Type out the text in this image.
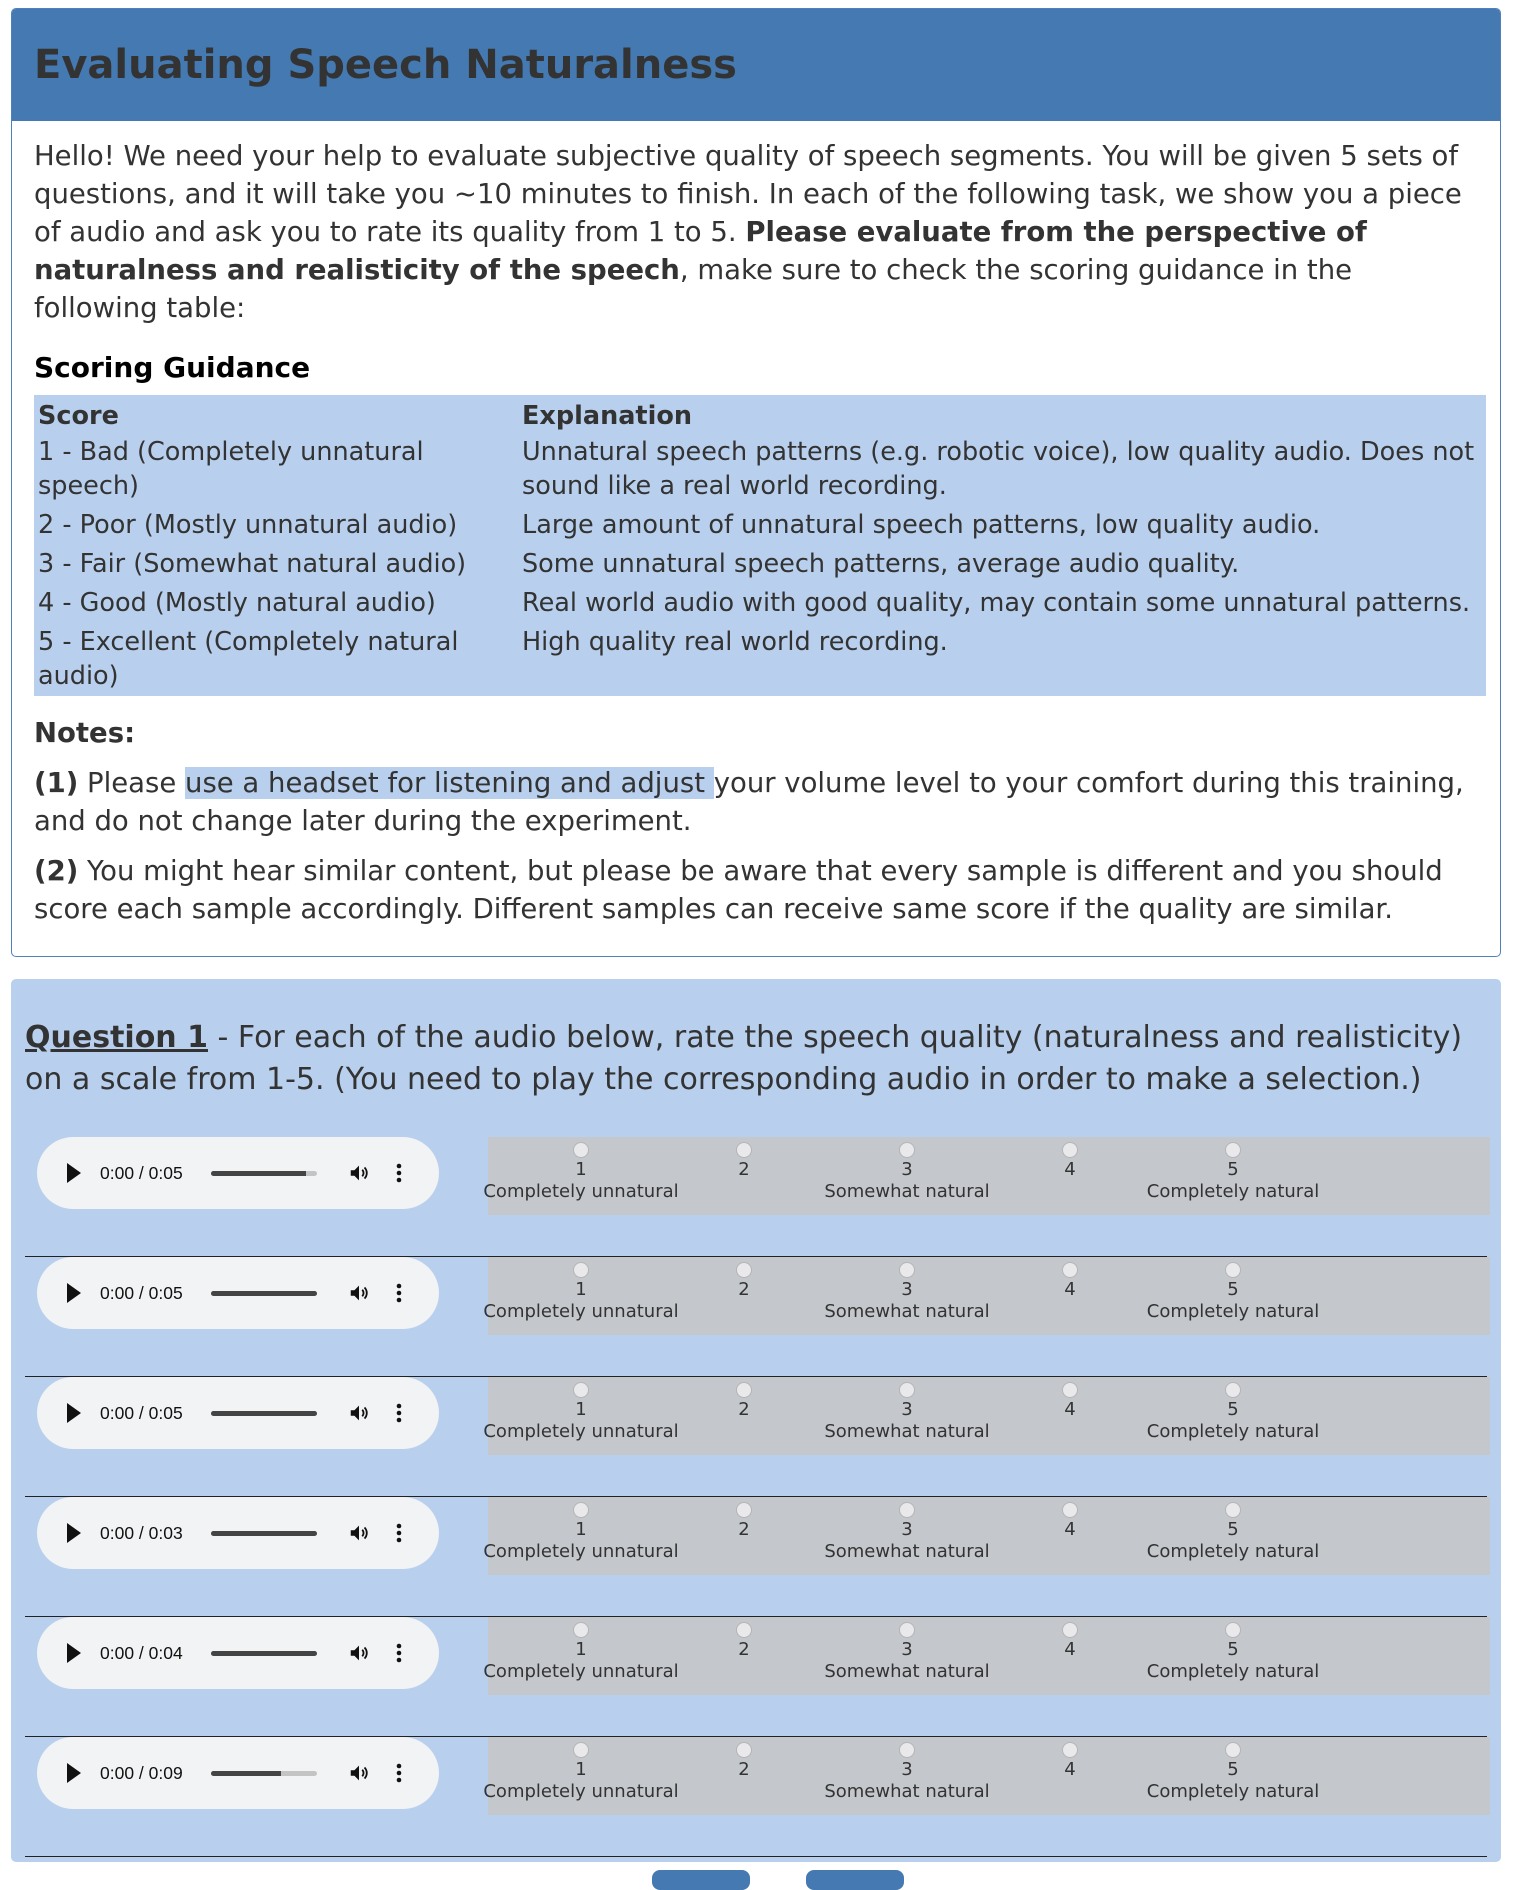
Evaluating Speech Naturalness

Hello! We need your help to evaluate subjective quality of speech segments. You will be given 5 sets of questions, and it will take you ~10 minutes to finish. In each of the following task, we show you a piece of audio and ask you to rate its quality from 1 to 5. Please evaluate from the perspective of naturalness and realisticity of the speech, make sure to check the scoring guidance in the following table:

Scoring Guidance
Score	Explanation
1 - Bad (Completely unnatural speech)	Unnatural speech patterns (e.g. robotic voice), low quality audio. Does not sound like a real world recording.
2 - Poor (Mostly unnatural audio)	Large amount of unnatural speech patterns, low quality audio.
3 - Fair (Somewhat natural audio)	Some unnatural speech patterns, average audio quality.
4 - Good (Mostly natural audio)	Real world audio with good quality, may contain some unnatural patterns.
5 - Excellent (Completely natural audio)	High quality real world recording.
Notes:

(1) Please use a headset for listening and adjust your volume level to your comfort during this training, and do not change later during the experiment.

(2) You might hear similar content, but please be aware that every sample is different and you should score each sample accordingly. Different samples can receive same score if the quality are similar.

Question 1 - For each of the audio below, rate the speech quality (naturalness and realisticity) on a scale from 1-5. (You need to play the corresponding audio in order to make a selection.)

0:00 / 0:05	1
Completely unnatural
2	3
Somewhat natural
4	5
Completely natural
0:00 / 0:05	1
Completely unnatural
2	3
Somewhat natural
4	5
Completely natural
0:00 / 0:05	1
Completely unnatural
2	3
Somewhat natural
4	5
Completely natural
0:00 / 0:03	1
Completely unnatural
2	3
Somewhat natural
4	5
Completely natural
0:00 / 0:04	1
Completely unnatural
2	3
Somewhat natural
4	5
Completely natural
0:00 / 0:09	1
Completely unnatural
2	3
Somewhat natural
4	5
Completely natural
